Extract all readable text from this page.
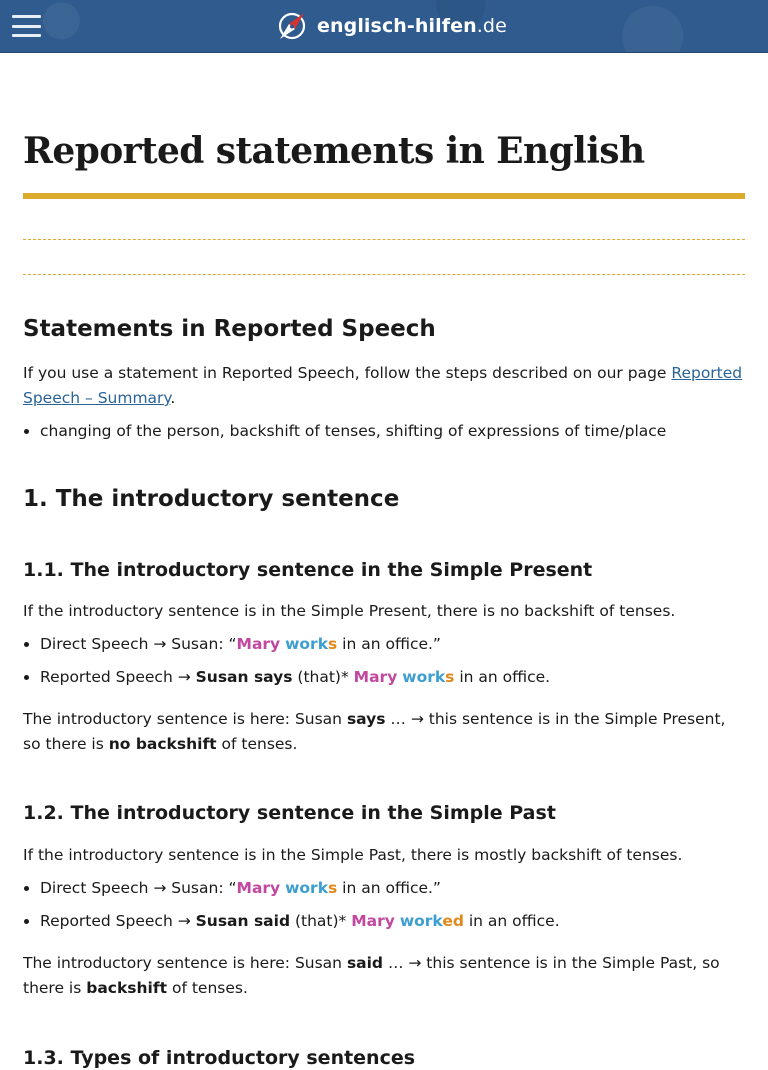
englisch-hilfen.de
Reported statements in English
Statements in Reported Speech

If you use a statement in Reported Speech, follow the steps described on our page Reported Speech – Summary.

• changing of the person, backshift of tenses, shifting of expressions of time/place
1. The introductory sentence
1.1. The introductory sentence in the Simple Present

If the introductory sentence is in the Simple Present, there is no backshift of tenses.

• Direct Speech → Susan: “Mary works in an office.”
• Reported Speech → Susan says (that)* Mary works in an office.

The introductory sentence is here: Susan says … → this sentence is in the Simple Present, so there is no backshift of tenses.

1.2. The introductory sentence in the Simple Past

If the introductory sentence is in the Simple Past, there is mostly backshift of tenses.

• Direct Speech → Susan: “Mary works in an office.”
• Reported Speech → Susan said (that)* Mary worked in an office.

The introductory sentence is here: Susan said … → this sentence is in the Simple Past, so there is backshift of tenses.

1.3. Types of introductory sentences
